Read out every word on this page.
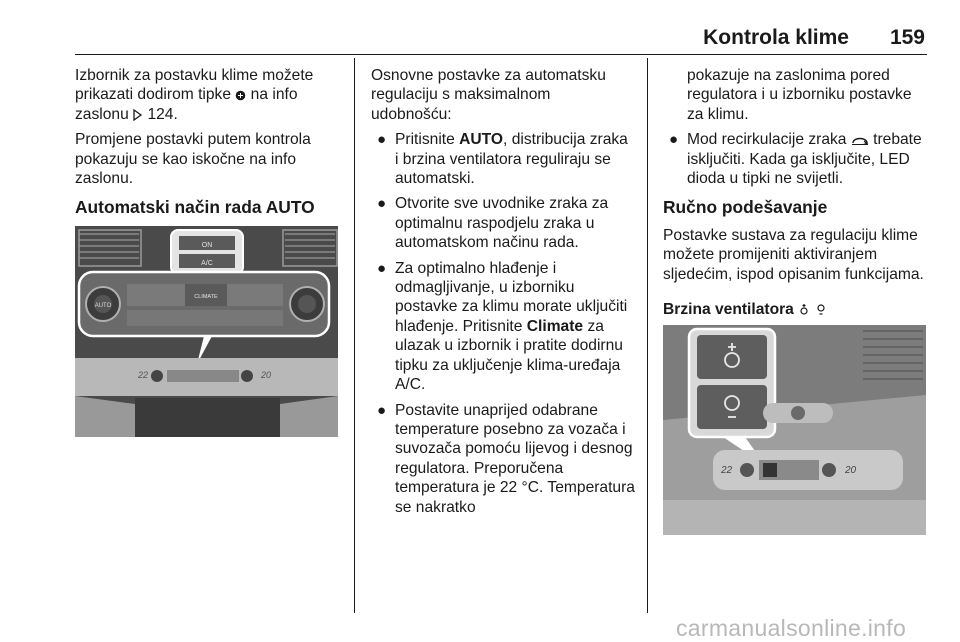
Kontrola klime 159

Izbornik za postavku klime možete prikazati dodirom tipke  na info zaslonu  124.

Promjene postavki putem kontrola pokazuju se kao iskočne na info zaslonu.

Automatski način rada AUTO
ON
A/C
AUTO
CLIMATE
22	20

Osnovne postavke za automatsku regulaciju s maksimalnom udobnošću:

● Pritisnite AUTO, distribucija zraka i brzina ventilatora reguliraju se automatski.
● Otvorite sve uvodnike zraka za optimalnu raspodjelu zraka u automatskom načinu rada.
● Za optimalno hlađenje i odmagljivanje, u izborniku postavke za klimu morate uključiti hlađenje. Pritisnite Climate za ulazak u izbornik i pratite dodirnu tipku za uključenje klima-uređaja A/C.
● Postavite unaprijed odabrane temperature posebno za vozača i suvozača pomoću lijevog i desnog regulatora. Preporučena temperatura je 22 °C. Temperatura se nakratko

pokazuje na zaslonima pored regulatora i u izborniku postavke za klimu.

● Mod recirkulacije zraka  trebate isključiti. Kada ga isključite, LED dioda u tipki ne svijetli.
Ručno podešavanje

Postavke sustava za regulaciju klime možete promijeniti aktiviranjem sljedećim, ispod opisanim funkcijama.

Brzina ventilatora
22	20
carmanualsonline.info
